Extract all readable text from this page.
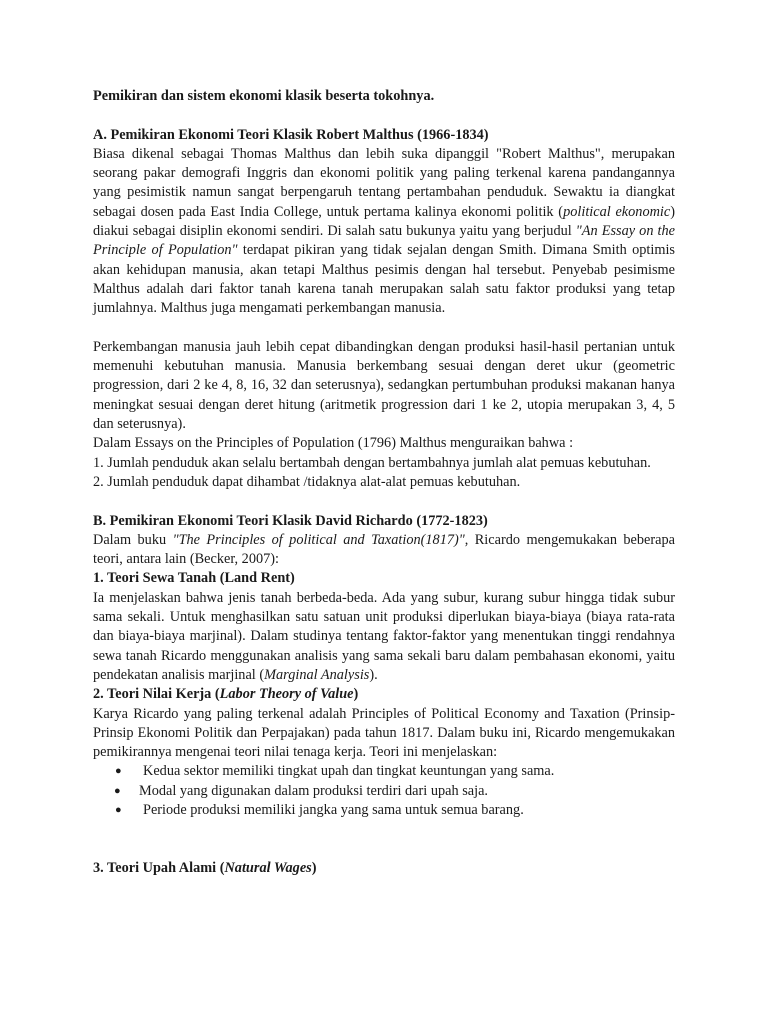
Pemikiran dan sistem ekonomi klasik beserta tokohnya.

A. Pemikiran Ekonomi Teori Klasik Robert Malthus (1966-1834)

Biasa dikenal sebagai Thomas Malthus dan lebih suka dipanggil "Robert Malthus", merupakan seorang pakar demografi Inggris dan ekonomi politik yang paling terkenal karena pandangannya yang pesimistik namun sangat berpengaruh tentang pertambahan penduduk. Sewaktu ia diangkat sebagai dosen pada East India College, untuk pertama kalinya ekonomi politik (political ekonomic) diakui sebagai disiplin ekonomi sendiri. Di salah satu bukunya yaitu yang berjudul "An Essay on the Principle of Population" terdapat pikiran yang tidak sejalan dengan Smith. Dimana Smith optimis akan kehidupan manusia, akan tetapi Malthus pesimis dengan hal tersebut. Penyebab pesimisme Malthus adalah dari faktor tanah karena tanah merupakan salah satu faktor produksi yang tetap jumlahnya. Malthus juga mengamati perkembangan manusia.

Perkembangan manusia jauh lebih cepat dibandingkan dengan produksi hasil-hasil pertanian untuk memenuhi kebutuhan manusia. Manusia berkembang sesuai dengan deret ukur (geometric progression, dari 2 ke 4, 8, 16, 32 dan seterusnya), sedangkan pertumbuhan produksi makanan hanya meningkat sesuai dengan deret hitung (aritmetik progression dari 1 ke 2, utopia merupakan 3, 4, 5 dan seterusnya).

Dalam Essays on the Principles of Population (1796) Malthus menguraikan bahwa :

1. Jumlah penduduk akan selalu bertambah dengan bertambahnya jumlah alat pemuas kebutuhan.

2. Jumlah penduduk dapat dihambat /tidaknya alat-alat pemuas kebutuhan.

B. Pemikiran Ekonomi Teori Klasik David Richardo (1772-1823)

Dalam buku "The Principles of political and Taxation(1817)", Ricardo mengemukakan beberapa teori, antara lain (Becker, 2007):

1. Teori Sewa Tanah (Land Rent)

Ia menjelaskan bahwa jenis tanah berbeda-beda. Ada yang subur, kurang subur hingga tidak subur sama sekali. Untuk menghasilkan satu satuan unit produksi diperlukan biaya-biaya (biaya rata-rata dan biaya-biaya marjinal). Dalam studinya tentang faktor-faktor yang menentukan tinggi rendahnya sewa tanah Ricardo menggunakan analisis yang sama sekali baru dalam pembahasan ekonomi, yaitu pendekatan analisis marjinal (Marginal Analysis).

2. Teori Nilai Kerja (Labor Theory of Value)

Karya Ricardo yang paling terkenal adalah Principles of Political Economy and Taxation (Prinsip-Prinsip Ekonomi Politik dan Perpajakan) pada tahun 1817. Dalam buku ini, Ricardo mengemukakan pemikirannya mengenai teori nilai tenaga kerja. Teori ini menjelaskan:

● Kedua sektor memiliki tingkat upah dan tingkat keuntungan yang sama.
● Modal yang digunakan dalam produksi terdiri dari upah saja.
● Periode produksi memiliki jangka yang sama untuk semua barang.

3. Teori Upah Alami (Natural Wages)
